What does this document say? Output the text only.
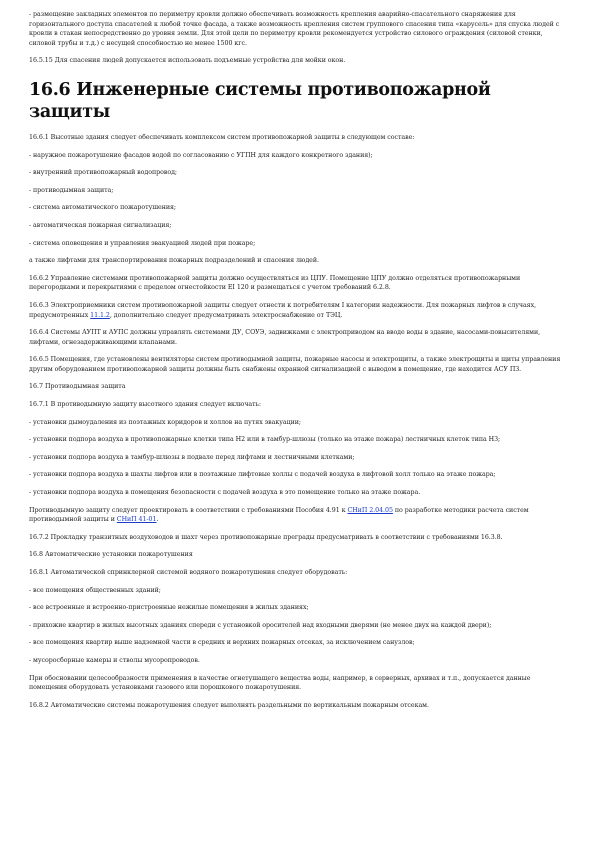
- размещение закладных элементов по периметру кровли должно обеспечивать возможность крепления аварийно-спасательного снаряжения для горизонтального доступа спасателей к любой точке фасада, а также возможность крепления систем группового спасения типа «карусель» для спуска людей с кровли в стакан непосредственно до уровня земли. Для этой цели по периметру кровли рекомендуется устройство силового ограждения (силовой стенки, силовой трубы и т.д.) с несущей способностью не менее 1500 кгс.

16.5.15 Для спасения людей допускается использовать подъемные устройства для мойки окон.

16.6 Инженерные системы противопожарной защиты

16.6.1 Высотные здания следует обеспечивать комплексом систем противопожарной защиты в следующем составе:

- наружное пожаротушение фасадов водой по согласованию с УГПН для каждого конкретного здания);

- внутренний противопожарный водопровод;

- противодымная защита;

- система автоматического пожаротушения;

- автоматическая пожарная сигнализация;

- система оповещения и управления эвакуацией людей при пожаре;

а также лифтами для транспортирования пожарных подразделений и спасения людей.

16.6.2 Управление системами противопожарной защиты должно осуществляться из ЦПУ. Помещение ЦПУ должно отделяться противопожарными перегородками и перекрытиями с пределом огнестойкости EI 120 и размещаться с учетом требований 6.2.8.

16.6.3 Электроприемники систем противопожарной защиты следует отнести к потребителям I категории надежности. Для пожарных лифтов в случаях, предусмотренных 11.1.2, дополнительно следует предусматривать электроснабжение от ТЭЦ.

16.6.4 Системы АУПТ и АУПС должны управлять системами ДУ, СОУЭ, задвижками с электроприводом на вводе воды в здание, насосами-повысителями, лифтами, огнезадерживающими клапанами.

16.6.5 Помещения, где установлены вентиляторы систем противодымной защиты, пожарные насосы и электрощиты, а также электрощиты и щиты управления другим оборудованием противопожарной защиты должны быть снабжены охранной сигнализацией с выводом в помещение, где находится АСУ ПЗ.

16.7 Противодымная защита

16.7.1 В противодымную защиту высотного здания следует включать:

- установки дымоудаления из поэтажных коридоров и холлов на путях эвакуации;

- установки подпора воздуха в противопожарные клетки типа Н2 или в тамбур-шлюзы (только на этаже пожара) лестничных клеток типа Н3;

- установки подпора воздуха в тамбур-шлюзы в подвале перед лифтами и лестничными клетками;

- установки подпора воздуха в шахты лифтов или в поэтажные лифтовые холлы с подачей воздуха в лифтовой холл только на этаже пожара;

- установки подпора воздуха в помещения безопасности с подачей воздуха в это помещение только на этаже пожара.

Противодымную защиту следует проектировать в соответствии с требованиями Пособия 4.91 к СНиП 2.04.05 по разработке методики расчета систем противодымной защиты и СНиП 41-01.

16.7.2 Прокладку транзитных воздуховодов и шахт через противопожарные преграды предусматривать в соответствии с требованиями 16.3.8.

16.8 Автоматические установки пожаротушения

16.8.1 Автоматической спринклерной системой водяного пожаротушения следует оборудовать:

- все помещения общественных зданий;

- все встроенные и встроенно-пристроенные нежилые помещения в жилых зданиях;

- прихожие квартир в жилых высотных зданиях спереди с установкой оросителей над входными дверями (не менее двух на каждой двери);

- все помещения квартир выше надземной части в средних и верхних пожарных отсеках, за исключением санузлов;

- мусоросборные камеры и стволы мусоропроводов.

При обосновании целесообразности применения в качестве огнетушащего вещества воды, например, в серверных, архивах и т.п., допускается данные помещения оборудовать установками газового или порошкового пожаротушения.

16.8.2 Автоматические системы пожаротушения следует выполнять раздельными по вертикальным пожарным отсекам.
